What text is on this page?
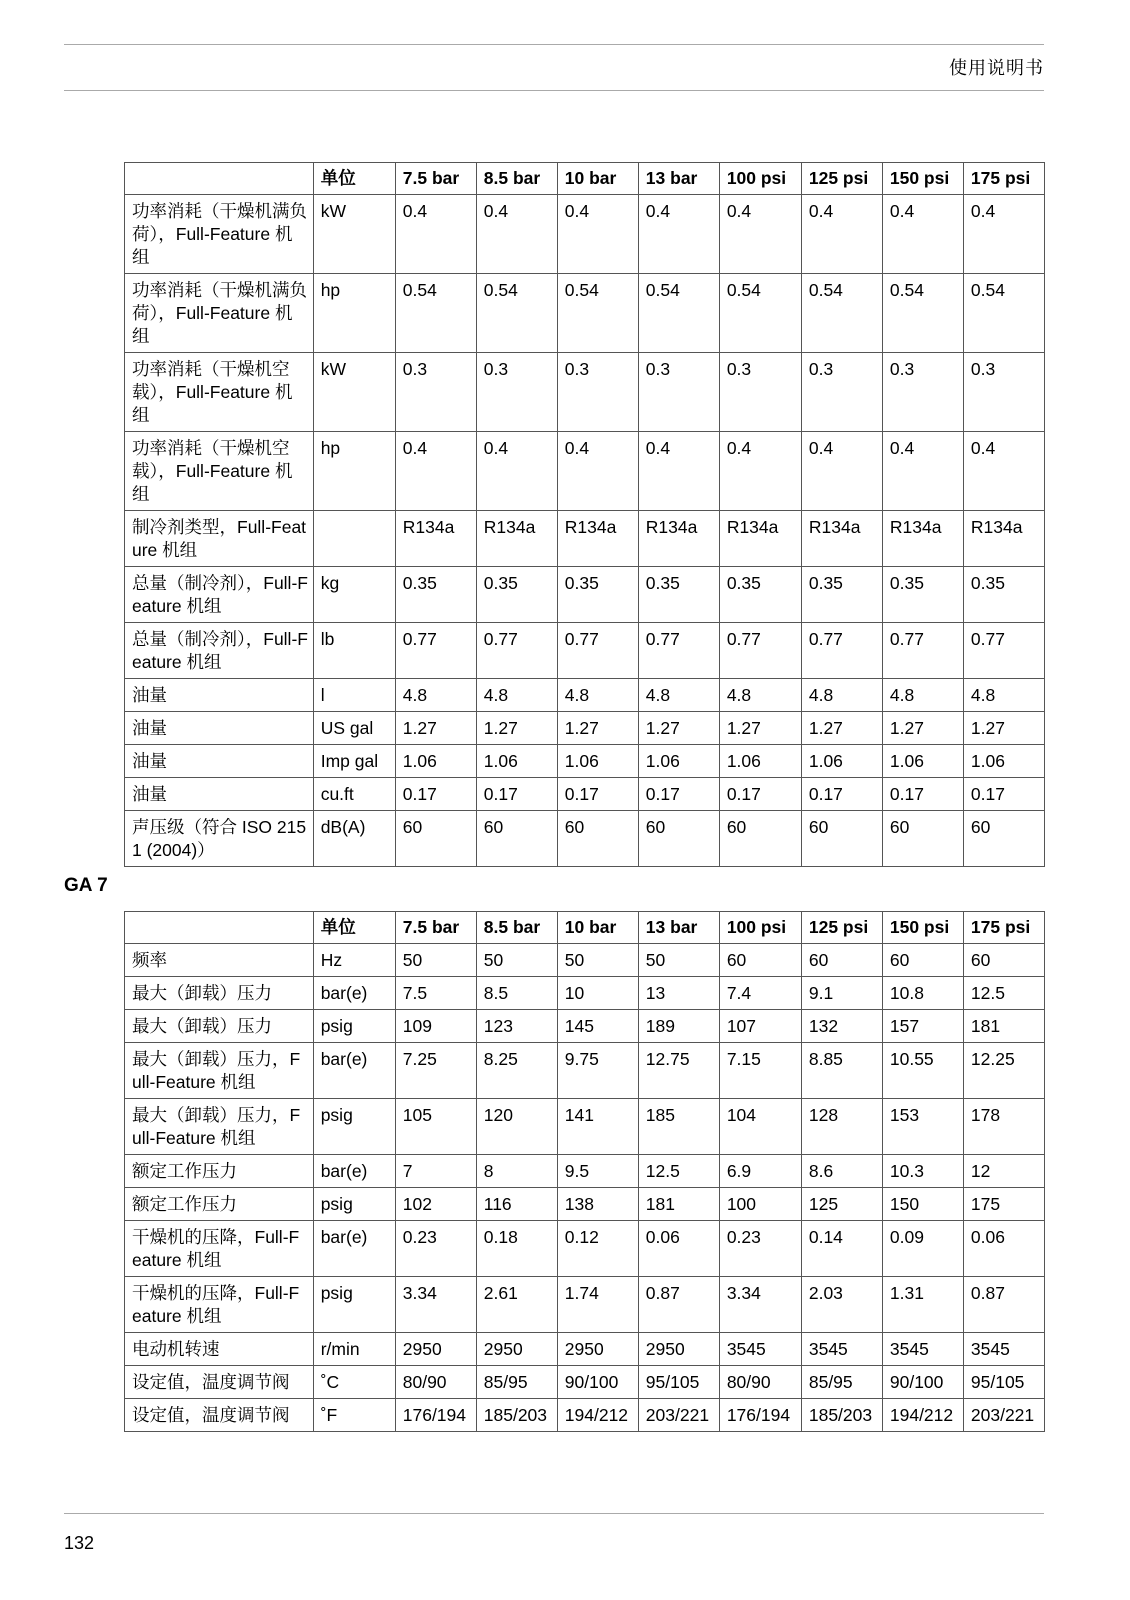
使用说明书
	单位	7.5 bar	8.5 bar	10 bar	13 bar	100 psi	125 psi	150 psi	175 psi
功率消耗（干燥机满负荷），Full-Feature 机组	kW	0.4	0.4	0.4	0.4	0.4	0.4	0.4	0.4
功率消耗（干燥机满负荷），Full-Feature 机组	hp	0.54	0.54	0.54	0.54	0.54	0.54	0.54	0.54
功率消耗（干燥机空载），Full-Feature 机组	kW	0.3	0.3	0.3	0.3	0.3	0.3	0.3	0.3
功率消耗（干燥机空载），Full-Feature 机组	hp	0.4	0.4	0.4	0.4	0.4	0.4	0.4	0.4
制冷剂类型，Full-Feature 机组		R134a	R134a	R134a	R134a	R134a	R134a	R134a	R134a
总量（制冷剂），Full-Feature 机组	kg	0.35	0.35	0.35	0.35	0.35	0.35	0.35	0.35
总量（制冷剂），Full-Feature 机组	lb	0.77	0.77	0.77	0.77	0.77	0.77	0.77	0.77
油量	l	4.8	4.8	4.8	4.8	4.8	4.8	4.8	4.8
油量	US gal	1.27	1.27	1.27	1.27	1.27	1.27	1.27	1.27
油量	Imp gal	1.06	1.06	1.06	1.06	1.06	1.06	1.06	1.06
油量	cu.ft	0.17	0.17	0.17	0.17	0.17	0.17	0.17	0.17
声压级（符合 ISO 2151 (2004)）	dB(A)	60	60	60	60	60	60	60	60
GA 7
	单位	7.5 bar	8.5 bar	10 bar	13 bar	100 psi	125 psi	150 psi	175 psi
频率	Hz	50	50	50	50	60	60	60	60
最大（卸载）压力	bar(e)	7.5	8.5	10	13	7.4	9.1	10.8	12.5
最大（卸载）压力	psig	109	123	145	189	107	132	157	181
最大（卸载）压力，Full-Feature 机组	bar(e)	7.25	8.25	9.75	12.75	7.15	8.85	10.55	12.25
最大（卸载）压力，Full-Feature 机组	psig	105	120	141	185	104	128	153	178
额定工作压力	bar(e)	7	8	9.5	12.5	6.9	8.6	10.3	12
额定工作压力	psig	102	116	138	181	100	125	150	175
干燥机的压降，Full-Feature 机组	bar(e)	0.23	0.18	0.12	0.06	0.23	0.14	0.09	0.06
干燥机的压降，Full-Feature 机组	psig	3.34	2.61	1.74	0.87	3.34	2.03	1.31	0.87
电动机转速	r/min	2950	2950	2950	2950	3545	3545	3545	3545
设定值，温度调节阀	˚C	80/90	85/95	90/100	95/105	80/90	85/95	90/100	95/105
设定值，温度调节阀	˚F	176/194	185/203	194/212	203/221	176/194	185/203	194/212	203/221
132
